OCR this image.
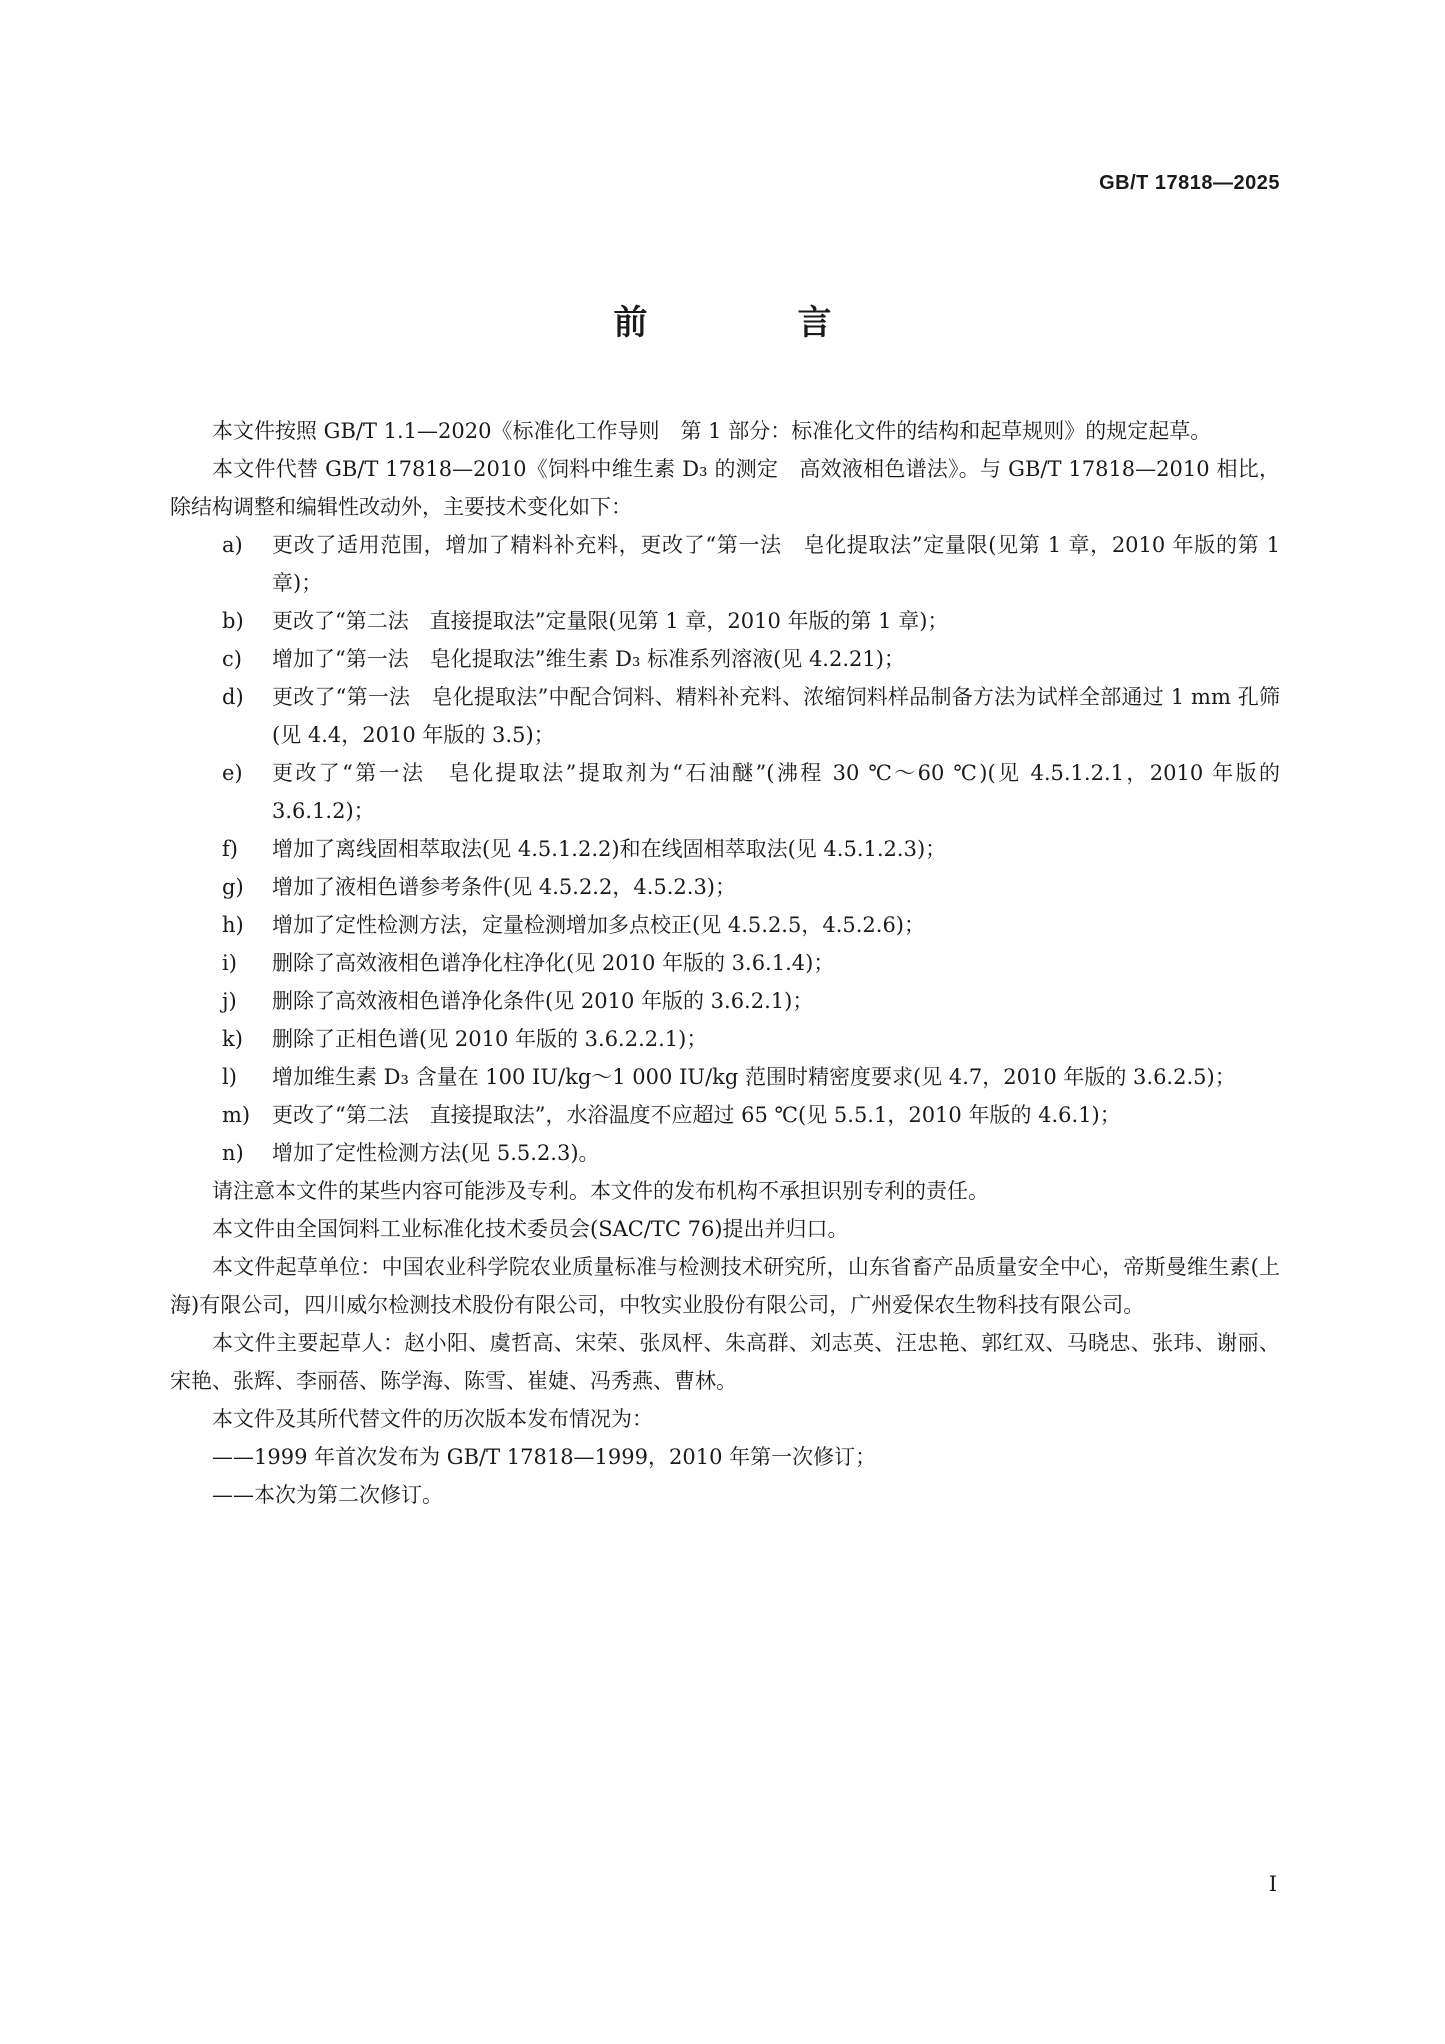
GB/T 17818—2025
前　言

本文件按照 GB/T 1.1—2020《标准化工作导则　第 1 部分：标准化文件的结构和起草规则》的规定起草。

本文件代替 GB/T 17818—2010《饲料中维生素 D₃ 的测定　高效液相色谱法》。与 GB/T 17818—2010 相比，除结构调整和编辑性改动外，主要技术变化如下：

a) 更改了适用范围，增加了精料补充料，更改了“第一法　皂化提取法”定量限(见第 1 章，2010 年版的第 1 章)；
b) 更改了“第二法　直接提取法”定量限(见第 1 章，2010 年版的第 1 章)；
c) 增加了“第一法　皂化提取法”维生素 D₃ 标准系列溶液(见 4.2.21)；
d) 更改了“第一法　皂化提取法”中配合饲料、精料补充料、浓缩饲料样品制备方法为试样全部通过 1 mm 孔筛(见 4.4，2010 年版的 3.5)；
e) 更改了“第一法　皂化提取法”提取剂为“石油醚”(沸程 30 ℃～60 ℃)(见 4.5.1.2.1，2010 年版的 3.6.1.2)；
f) 增加了离线固相萃取法(见 4.5.1.2.2)和在线固相萃取法(见 4.5.1.2.3)；
g) 增加了液相色谱参考条件(见 4.5.2.2，4.5.2.3)；
h) 增加了定性检测方法，定量检测增加多点校正(见 4.5.2.5，4.5.2.6)；
i) 删除了高效液相色谱净化柱净化(见 2010 年版的 3.6.1.4)；
j) 删除了高效液相色谱净化条件(见 2010 年版的 3.6.2.1)；
k) 删除了正相色谱(见 2010 年版的 3.6.2.2.1)；
l) 增加维生素 D₃ 含量在 100 IU/kg～1 000 IU/kg 范围时精密度要求(见 4.7，2010 年版的 3.6.2.5)；
m) 更改了“第二法　直接提取法”，水浴温度不应超过 65 ℃(见 5.5.1，2010 年版的 4.6.1)；
n) 增加了定性检测方法(见 5.5.2.3)。

请注意本文件的某些内容可能涉及专利。本文件的发布机构不承担识别专利的责任。

本文件由全国饲料工业标准化技术委员会(SAC/TC 76)提出并归口。

本文件起草单位：中国农业科学院农业质量标准与检测技术研究所，山东省畜产品质量安全中心，帝斯曼维生素(上海)有限公司，四川威尔检测技术股份有限公司，中牧实业股份有限公司，广州爱保农生物科技有限公司。

本文件主要起草人：赵小阳、虞哲高、宋荣、张凤枰、朱高群、刘志英、汪忠艳、郭红双、马晓忠、张玮、谢丽、宋艳、张辉、李丽蓓、陈学海、陈雪、崔婕、冯秀燕、曹林。

本文件及其所代替文件的历次版本发布情况为：

——1999 年首次发布为 GB/T 17818—1999，2010 年第一次修订；

——本次为第二次修订。

I
